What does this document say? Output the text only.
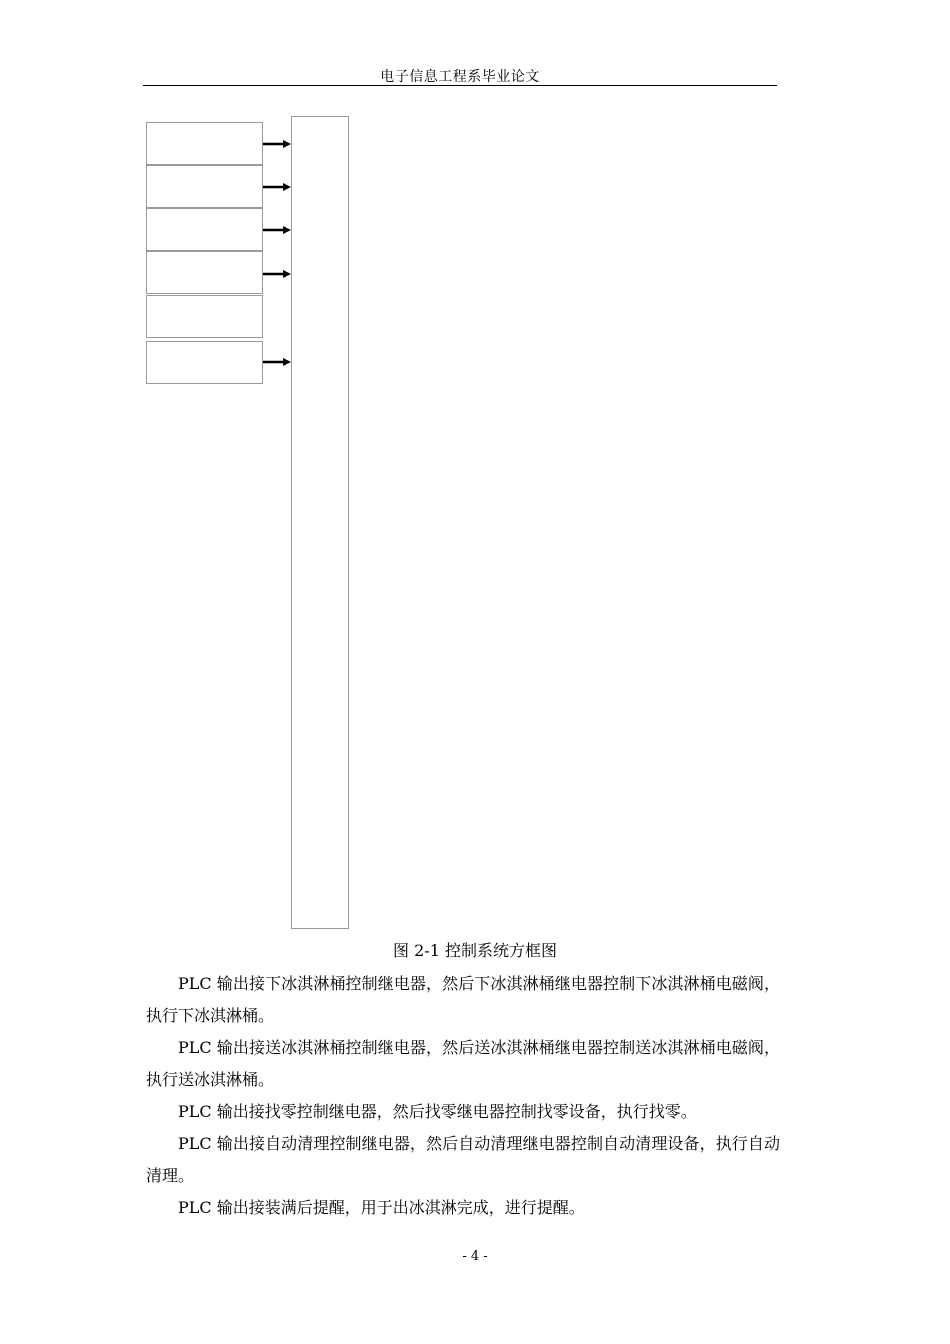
电子信息工程系毕业论文
图 2-1 控制系统方框图

PLC 输出接下冰淇淋桶控制继电器，然后下冰淇淋桶继电器控制下冰淇淋桶电磁阀，执行下冰淇淋桶。

PLC 输出接送冰淇淋桶控制继电器，然后送冰淇淋桶继电器控制送冰淇淋桶电磁阀，执行送冰淇淋桶。

PLC 输出接找零控制继电器，然后找零继电器控制找零设备，执行找零。

PLC 输出接自动清理控制继电器，然后自动清理继电器控制自动清理设备，执行自动清理。

PLC 输出接装满后提醒，用于出冰淇淋完成，进行提醒。

- 4 -
